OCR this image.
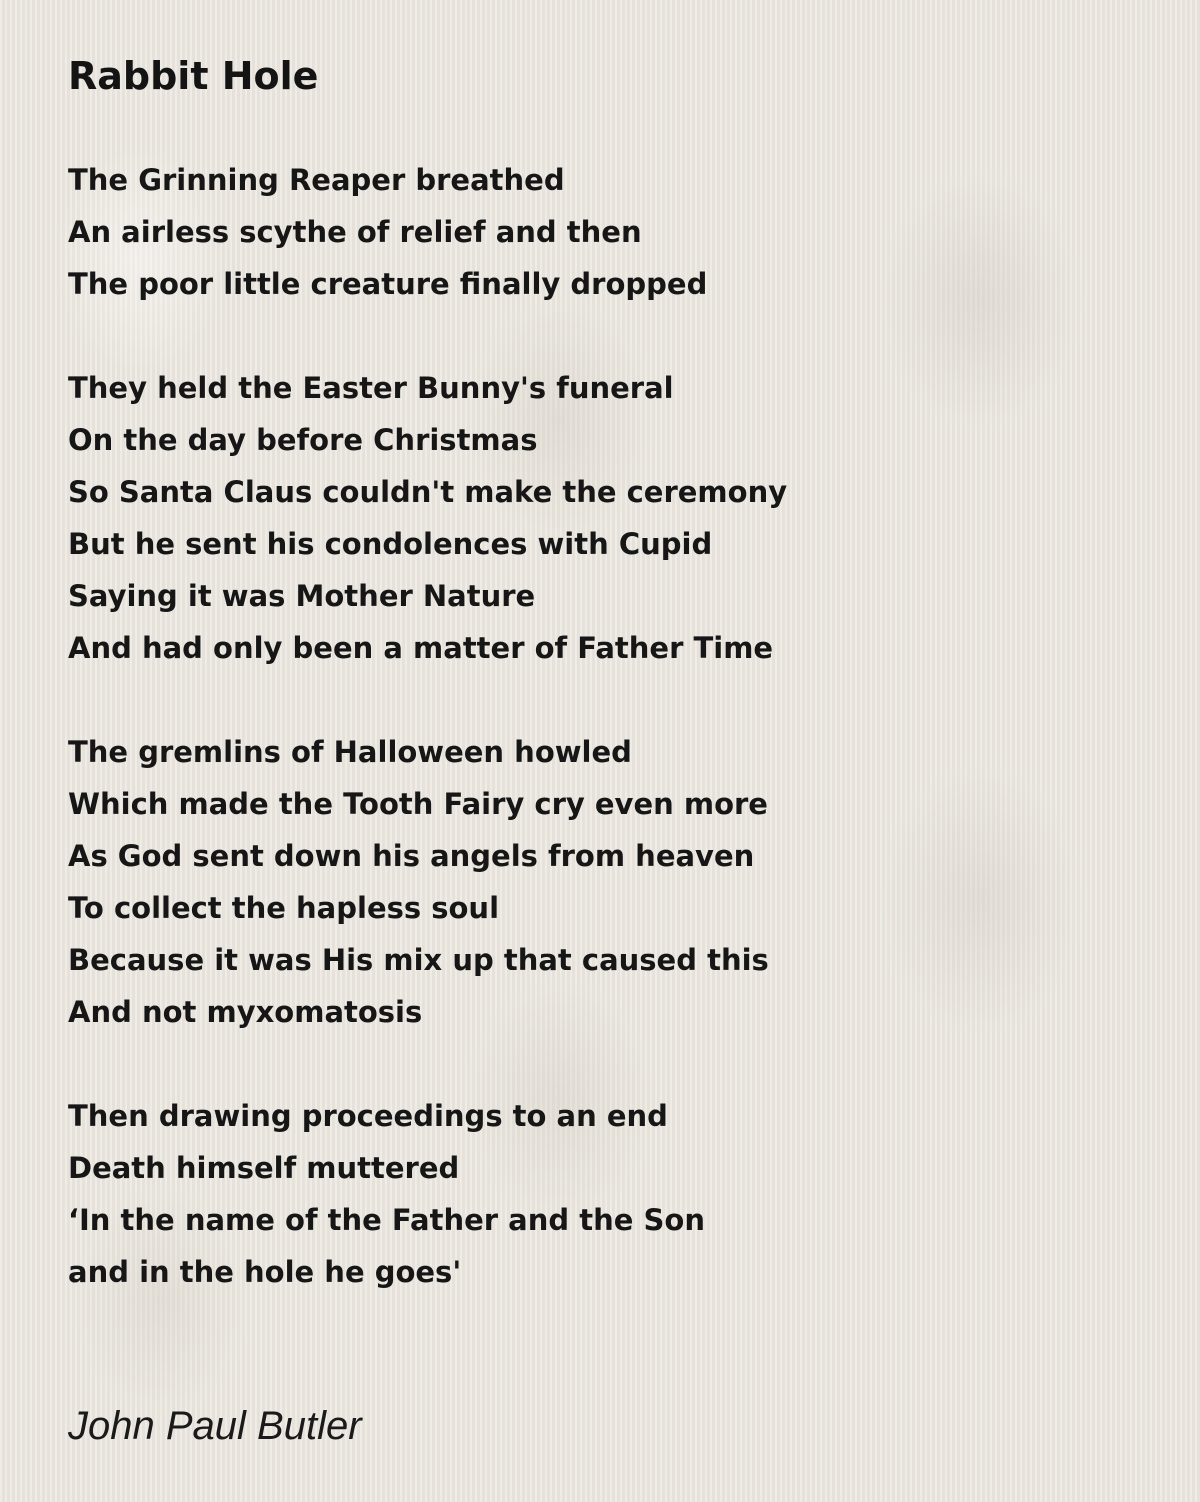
Rabbit Hole
The Grinning Reaper breathed
An airless scythe of relief and then
The poor little creature finally dropped
They held the Easter Bunny's funeral
On the day before Christmas
So Santa Claus couldn't make the ceremony
But he sent his condolences with Cupid
Saying it was Mother Nature
And had only been a matter of Father Time
The gremlins of Halloween howled
Which made the Tooth Fairy cry even more
As God sent down his angels from heaven
To collect the hapless soul
Because it was His mix up that caused this
And not myxomatosis
Then drawing proceedings to an end
Death himself muttered
‘In the name of the Father and the Son
and in the hole he goes'
John Paul Butler
